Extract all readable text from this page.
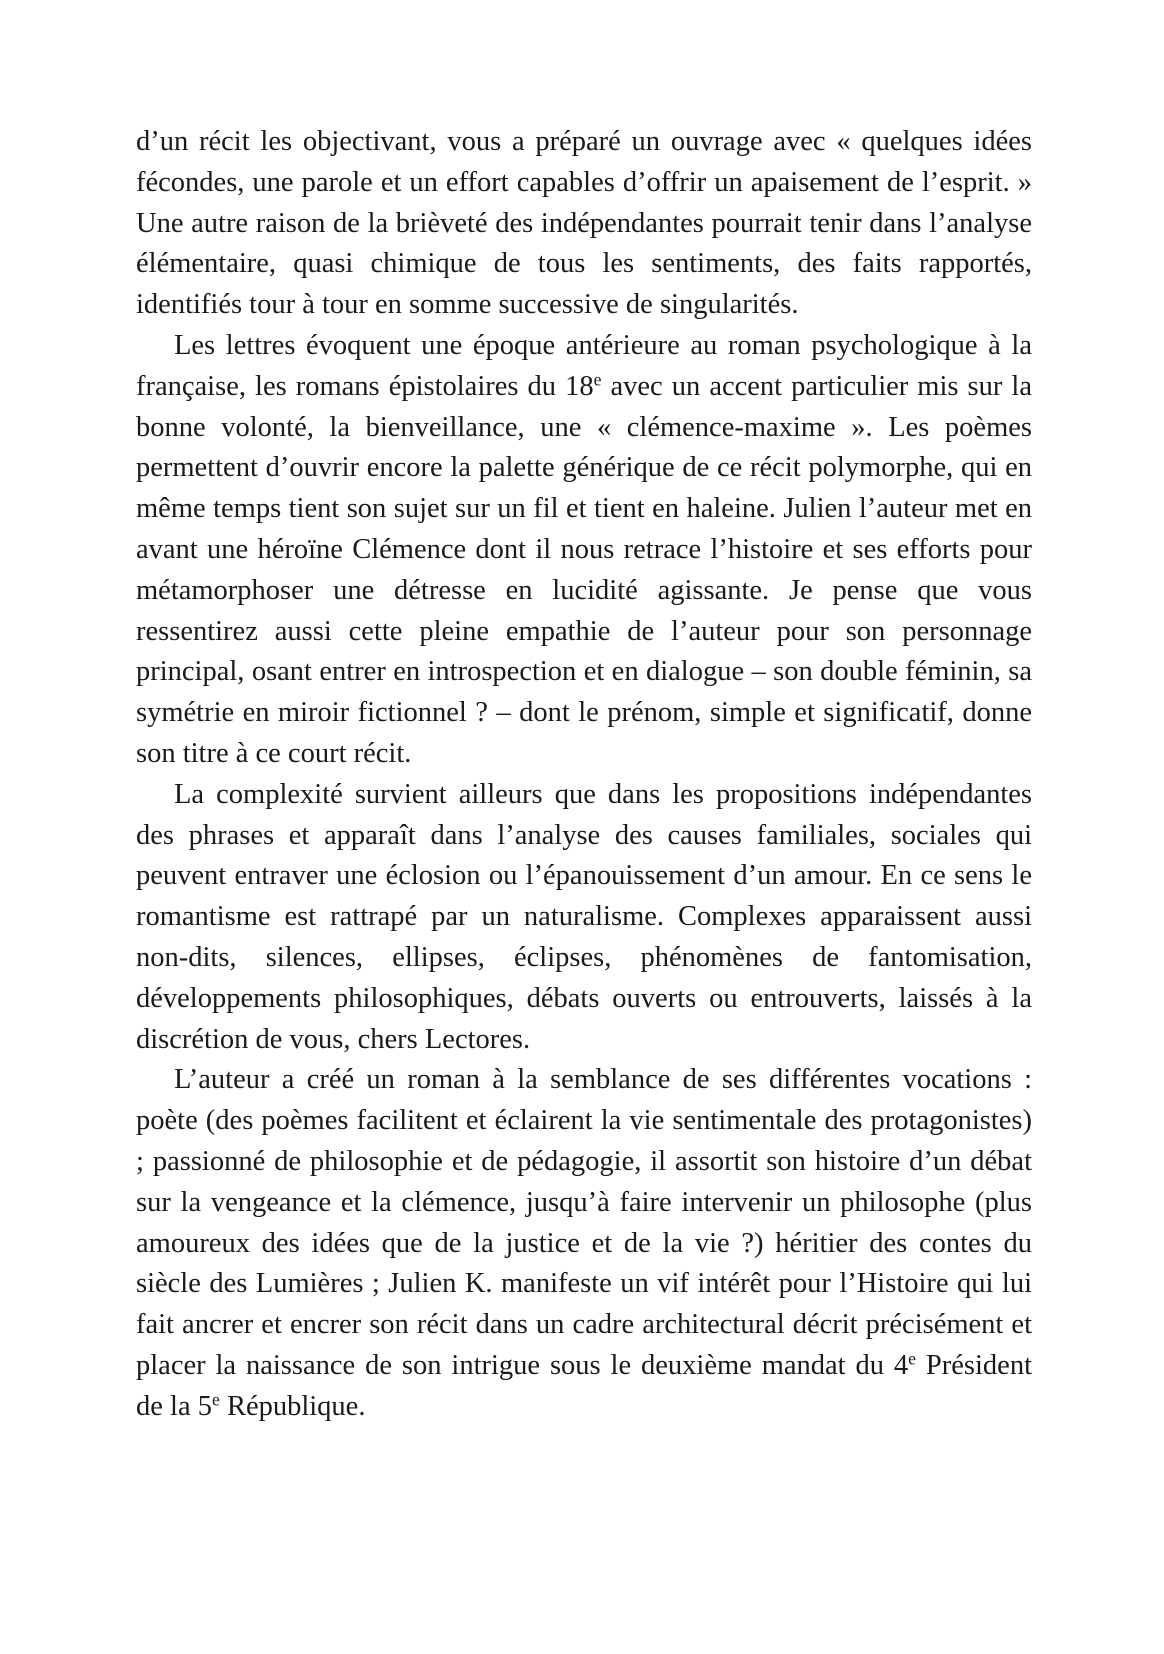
d’un récit les objectivant, vous a préparé un ouvrage avec « quelques idées fécondes, une parole et un effort capables d’offrir un apaisement de l’esprit. » Une autre raison de la brièveté des indépendantes pourrait tenir dans l’analyse élémentaire, quasi chimique de tous les sentiments, des faits rapportés, identifiés tour à tour en somme successive de singularités.

Les lettres évoquent une époque antérieure au roman psychologique à la française, les romans épistolaires du 18e avec un accent particulier mis sur la bonne volonté, la bienveillance, une « clémence-maxime ». Les poèmes permettent d’ouvrir encore la palette générique de ce récit polymorphe, qui en même temps tient son sujet sur un fil et tient en haleine. Julien l’auteur met en avant une héroïne Clémence dont il nous retrace l’histoire et ses efforts pour métamorphoser une détresse en lucidité agissante. Je pense que vous ressentirez aussi cette pleine empathie de l’auteur pour son personnage principal, osant entrer en introspection et en dialogue – son double féminin, sa symétrie en miroir fictionnel ? – dont le prénom, simple et significatif, donne son titre à ce court récit.

La complexité survient ailleurs que dans les propositions indépendantes des phrases et apparaît dans l’analyse des causes familiales, sociales qui peuvent entraver une éclosion ou l’épanouissement d’un amour. En ce sens le romantisme est rattrapé par un naturalisme. Complexes apparaissent aussi non-dits, silences, ellipses, éclipses, phénomènes de fantomisation, développements philosophiques, débats ouverts ou entrouverts, laissés à la discrétion de vous, chers Lectores.

L’auteur a créé un roman à la semblance de ses différentes vocations : poète (des poèmes facilitent et éclairent la vie sentimentale des protagonistes) ; passionné de philosophie et de pédagogie, il assortit son histoire d’un débat sur la vengeance et la clémence, jusqu’à faire intervenir un philosophe (plus amoureux des idées que de la justice et de la vie ?) héritier des contes du siècle des Lumières ; Julien K. manifeste un vif intérêt pour l’Histoire qui lui fait ancrer et encrer son récit dans un cadre architectural décrit précisément et placer la naissance de son intrigue sous le deuxième mandat du 4e Président de la 5e République.
